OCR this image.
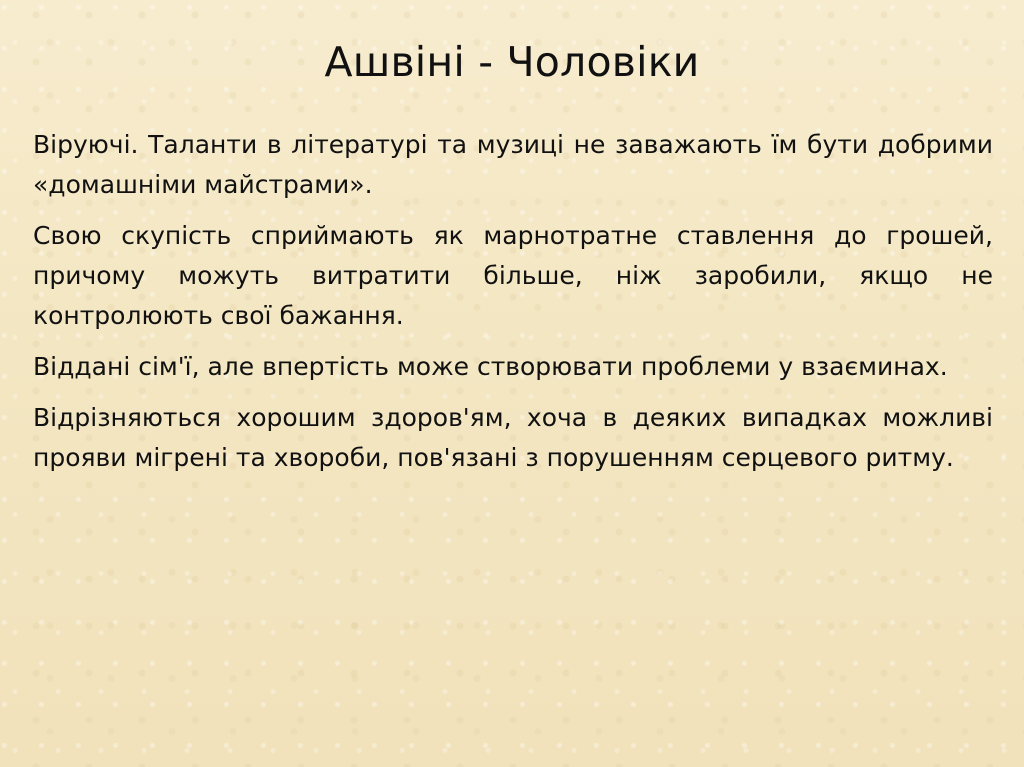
Ашвіні - Чоловіки

Віруючі. Таланти в літературі та музиці не заважають їм бути добрими «домашніми майстрами».

Свою скупість сприймають як марнотратне ставлення до грошей, причому можуть витратити більше, ніж заробили, якщо не контролюють свої бажання.

Віддані сім'ї, але впертість може створювати проблеми у взаєминах.

Відрізняються хорошим здоров'ям, хоча в деяких випадках можливі прояви мігрені та хвороби, пов'язані з порушенням серцевого ритму.
